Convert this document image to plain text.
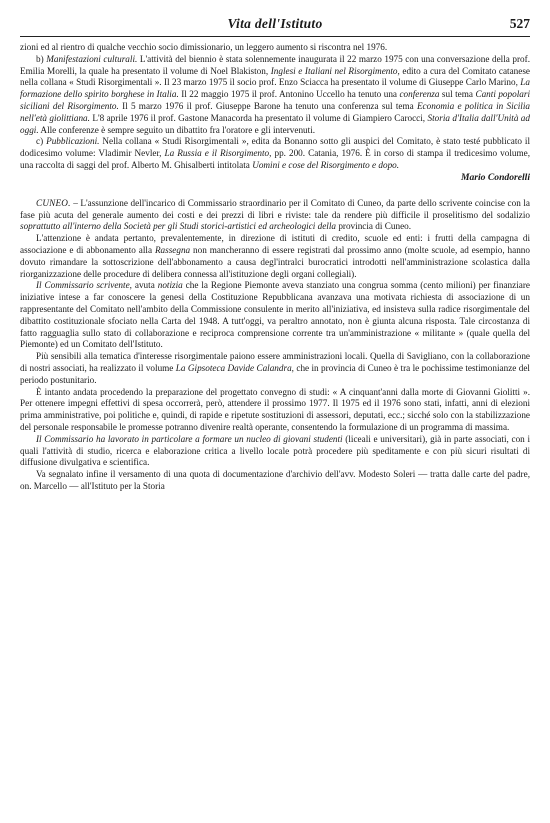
Vita dell'Istituto	527

zioni ed al rientro di qualche vecchio socio dimissionario, un leggero aumento si riscontra nel 1976.

b) Manifestazioni culturali. L'attività del biennio è stata solennemente inaugurata il 22 marzo 1975 con una conversazione della prof. Emilia Morelli, la quale ha presentato il volume di Noel Blakiston, Inglesi e Italiani nel Risorgimento, edito a cura del Comitato catanese nella collana « Studi Risorgimentali ». Il 23 marzo 1975 il socio prof. Enzo Sciacca ha presentato il volume di Giuseppe Carlo Marino, La formazione dello spirito borghese in Italia. Il 22 maggio 1975 il prof. Antonino Uccello ha tenuto una conferenza sul tema Canti popolari siciliani del Risorgimento. Il 5 marzo 1976 il prof. Giuseppe Barone ha tenuto una conferenza sul tema Economia e politica in Sicilia nell'età giolittiana. L'8 aprile 1976 il prof. Gastone Manacorda ha presentato il volume di Giampiero Carocci, Storia d'Italia dall'Unità ad oggi. Alle conferenze è sempre seguito un dibattito fra l'oratore e gli intervenuti.

c) Pubblicazioni. Nella collana « Studi Risorgimentali », edita da Bonanno sotto gli auspici del Comitato, è stato testé pubblicato il dodicesimo volume: Vladimir Nevler, La Russia e il Risorgimento, pp. 200. Catania, 1976. È in corso di stampa il tredicesimo volume, una raccolta di saggi del prof. Alberto M. Ghisalberti intitolata Uomini e cose del Risorgimento e dopo.

Mario Condorelli

CUNEO. – L'assunzione dell'incarico di Commissario straordinario per il Comitato di Cuneo, da parte dello scrivente coincise con la fase più acuta del generale aumento dei costi e dei prezzi di libri e riviste: tale da rendere più difficile il proselitismo del sodalizio soprattutto all'interno della Società per gli Studi storici-artistici ed archeologici della provincia di Cuneo.

L'attenzione è andata pertanto, prevalentemente, in direzione di istituti di credito, scuole ed enti: i frutti della campagna di associazione e di abbonamento alla Rassegna non mancheranno di essere registrati dal prossimo anno (molte scuole, ad esempio, hanno dovuto rimandare la sottoscrizione dell'abbonamento a causa degl'intralci burocratici introdotti nell'amministrazione scolastica dalla riorganizzazione delle procedure di delibera connessa all'istituzione degli organi collegiali).

Il Commissario scrivente, avuta notizia che la Regione Piemonte aveva stanziato una congrua somma (cento milioni) per finanziare iniziative intese a far conoscere la genesi della Costituzione Repubblicana avanzava una motivata richiesta di associazione di un rappresentante del Comitato nell'ambito della Commissione consulente in merito all'iniziativa, ed insisteva sulla radice risorgimentale del dibattito costituzionale sfociato nella Carta del 1948. A tutt'oggi, va peraltro annotato, non è giunta alcuna risposta. Tale circostanza di fatto ragguaglia sullo stato di collaborazione e reciproca comprensione corrente tra un'amministrazione « militante » (quale quella del Piemonte) ed un Comitato dell'Istituto.

Più sensibili alla tematica d'interesse risorgimentale paiono essere amministrazioni locali. Quella di Savigliano, con la collaborazione di nostri associati, ha realizzato il volume La Gipsoteca Davide Calandra, che in provincia di Cuneo è tra le pochissime testimonianze del periodo postunitario.

È intanto andata procedendo la preparazione del progettato convegno di studi: « A cinquant'anni dalla morte di Giovanni Giolitti ». Per ottenere impegni effettivi di spesa occorrerà, però, attendere il prossimo 1977. Il 1975 ed il 1976 sono stati, infatti, anni di elezioni prima amministrative, poi politiche e, quindi, di rapide e ripetute sostituzioni di assessori, deputati, ecc.; sicché solo con la stabilizzazione del personale responsabile le promesse potranno divenire realtà operante, consentendo la formulazione di un programma di massima.

Il Commissario ha lavorato in particolare a formare un nucleo di giovani studenti (liceali e universitari), già in parte associati, con i quali l'attività di studio, ricerca e elaborazione critica a livello locale potrà procedere più speditamente e con più sicuri risultati di diffusione divulgativa e scientifica.

Va segnalato infine il versamento di una quota di documentazione d'archivio dell'avv. Modesto Soleri — tratta dalle carte del padre, on. Marcello — all'Istituto per la Storia
